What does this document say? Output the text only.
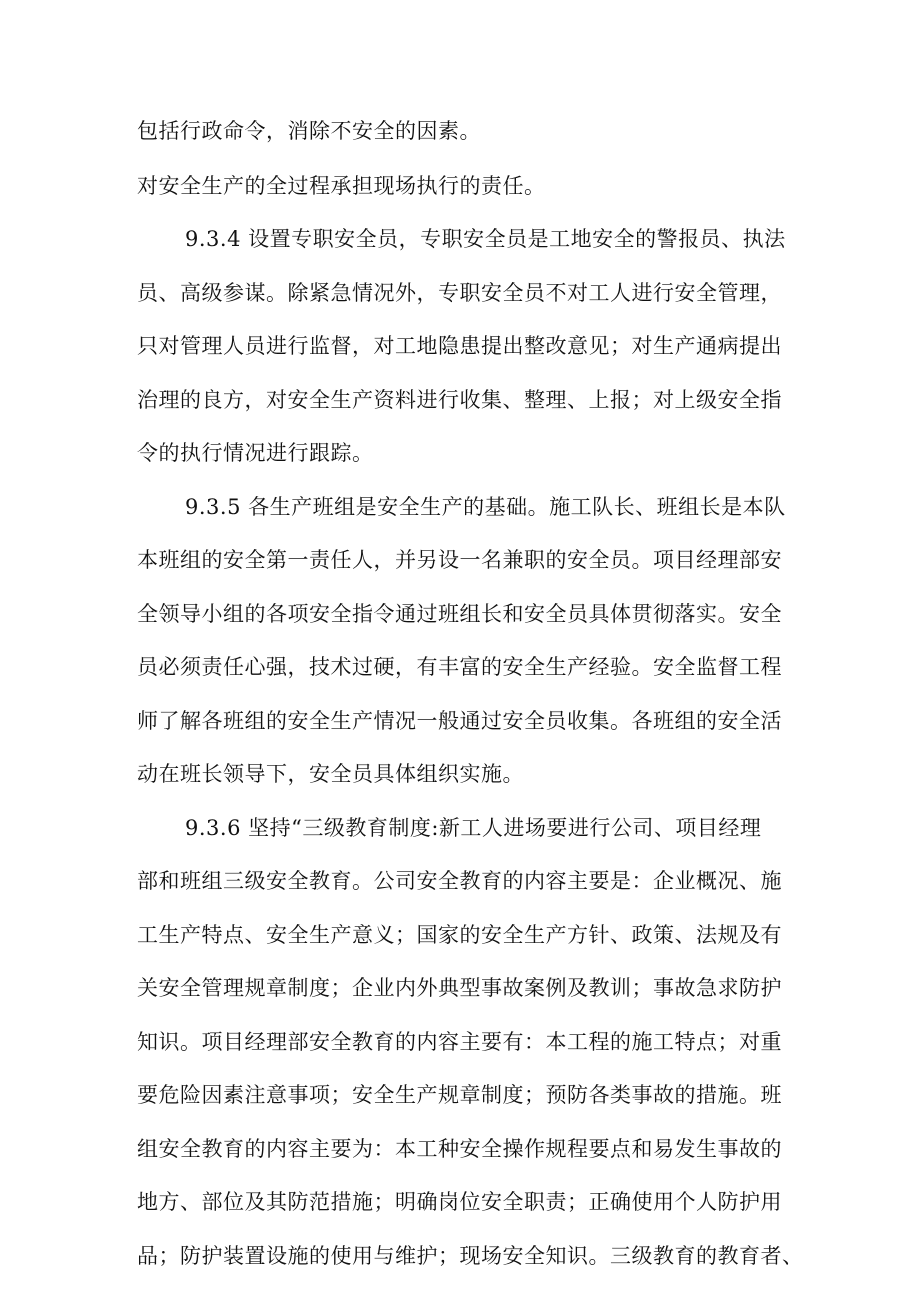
包括行政命令，消除不安全的因素。
对安全生产的全过程承担现场执行的责任。
9.3.4 设置专职安全员，专职安全员是工地安全的警报员、执法
员、高级参谋。除紧急情况外，专职安全员不对工人进行安全管理，
只对管理人员进行监督，对工地隐患提出整改意见；对生产通病提出
治理的良方，对安全生产资料进行收集、整理、上报；对上级安全指
令的执行情况进行跟踪。
9.3.5 各生产班组是安全生产的基础。施工队长、班组长是本队
本班组的安全第一责任人，并另设一名兼职的安全员。项目经理部安
全领导小组的各项安全指令通过班组长和安全员具体贯彻落实。安全
员必须责任心强，技术过硬，有丰富的安全生产经验。安全监督工程
师了解各班组的安全生产情况一般通过安全员收集。各班组的安全活
动在班长领导下，安全员具体组织实施。
9.3.6 坚持“三级教育制度:新工人进场要进行公司、项目经理
部和班组三级安全教育。公司安全教育的内容主要是：企业概况、施
工生产特点、安全生产意义；国家的安全生产方针、政策、法规及有
关安全管理规章制度；企业内外典型事故案例及教训；事故急求防护
知识。项目经理部安全教育的内容主要有：本工程的施工特点；对重
要危险因素注意事项；安全生产规章制度；预防各类事故的措施。班
组安全教育的内容主要为：本工种安全操作规程要点和易发生事故的
地方、部位及其防范措施；明确岗位安全职责；正确使用个人防护用
品；防护装置设施的使用与维护；现场安全知识。三级教育的教育者、
